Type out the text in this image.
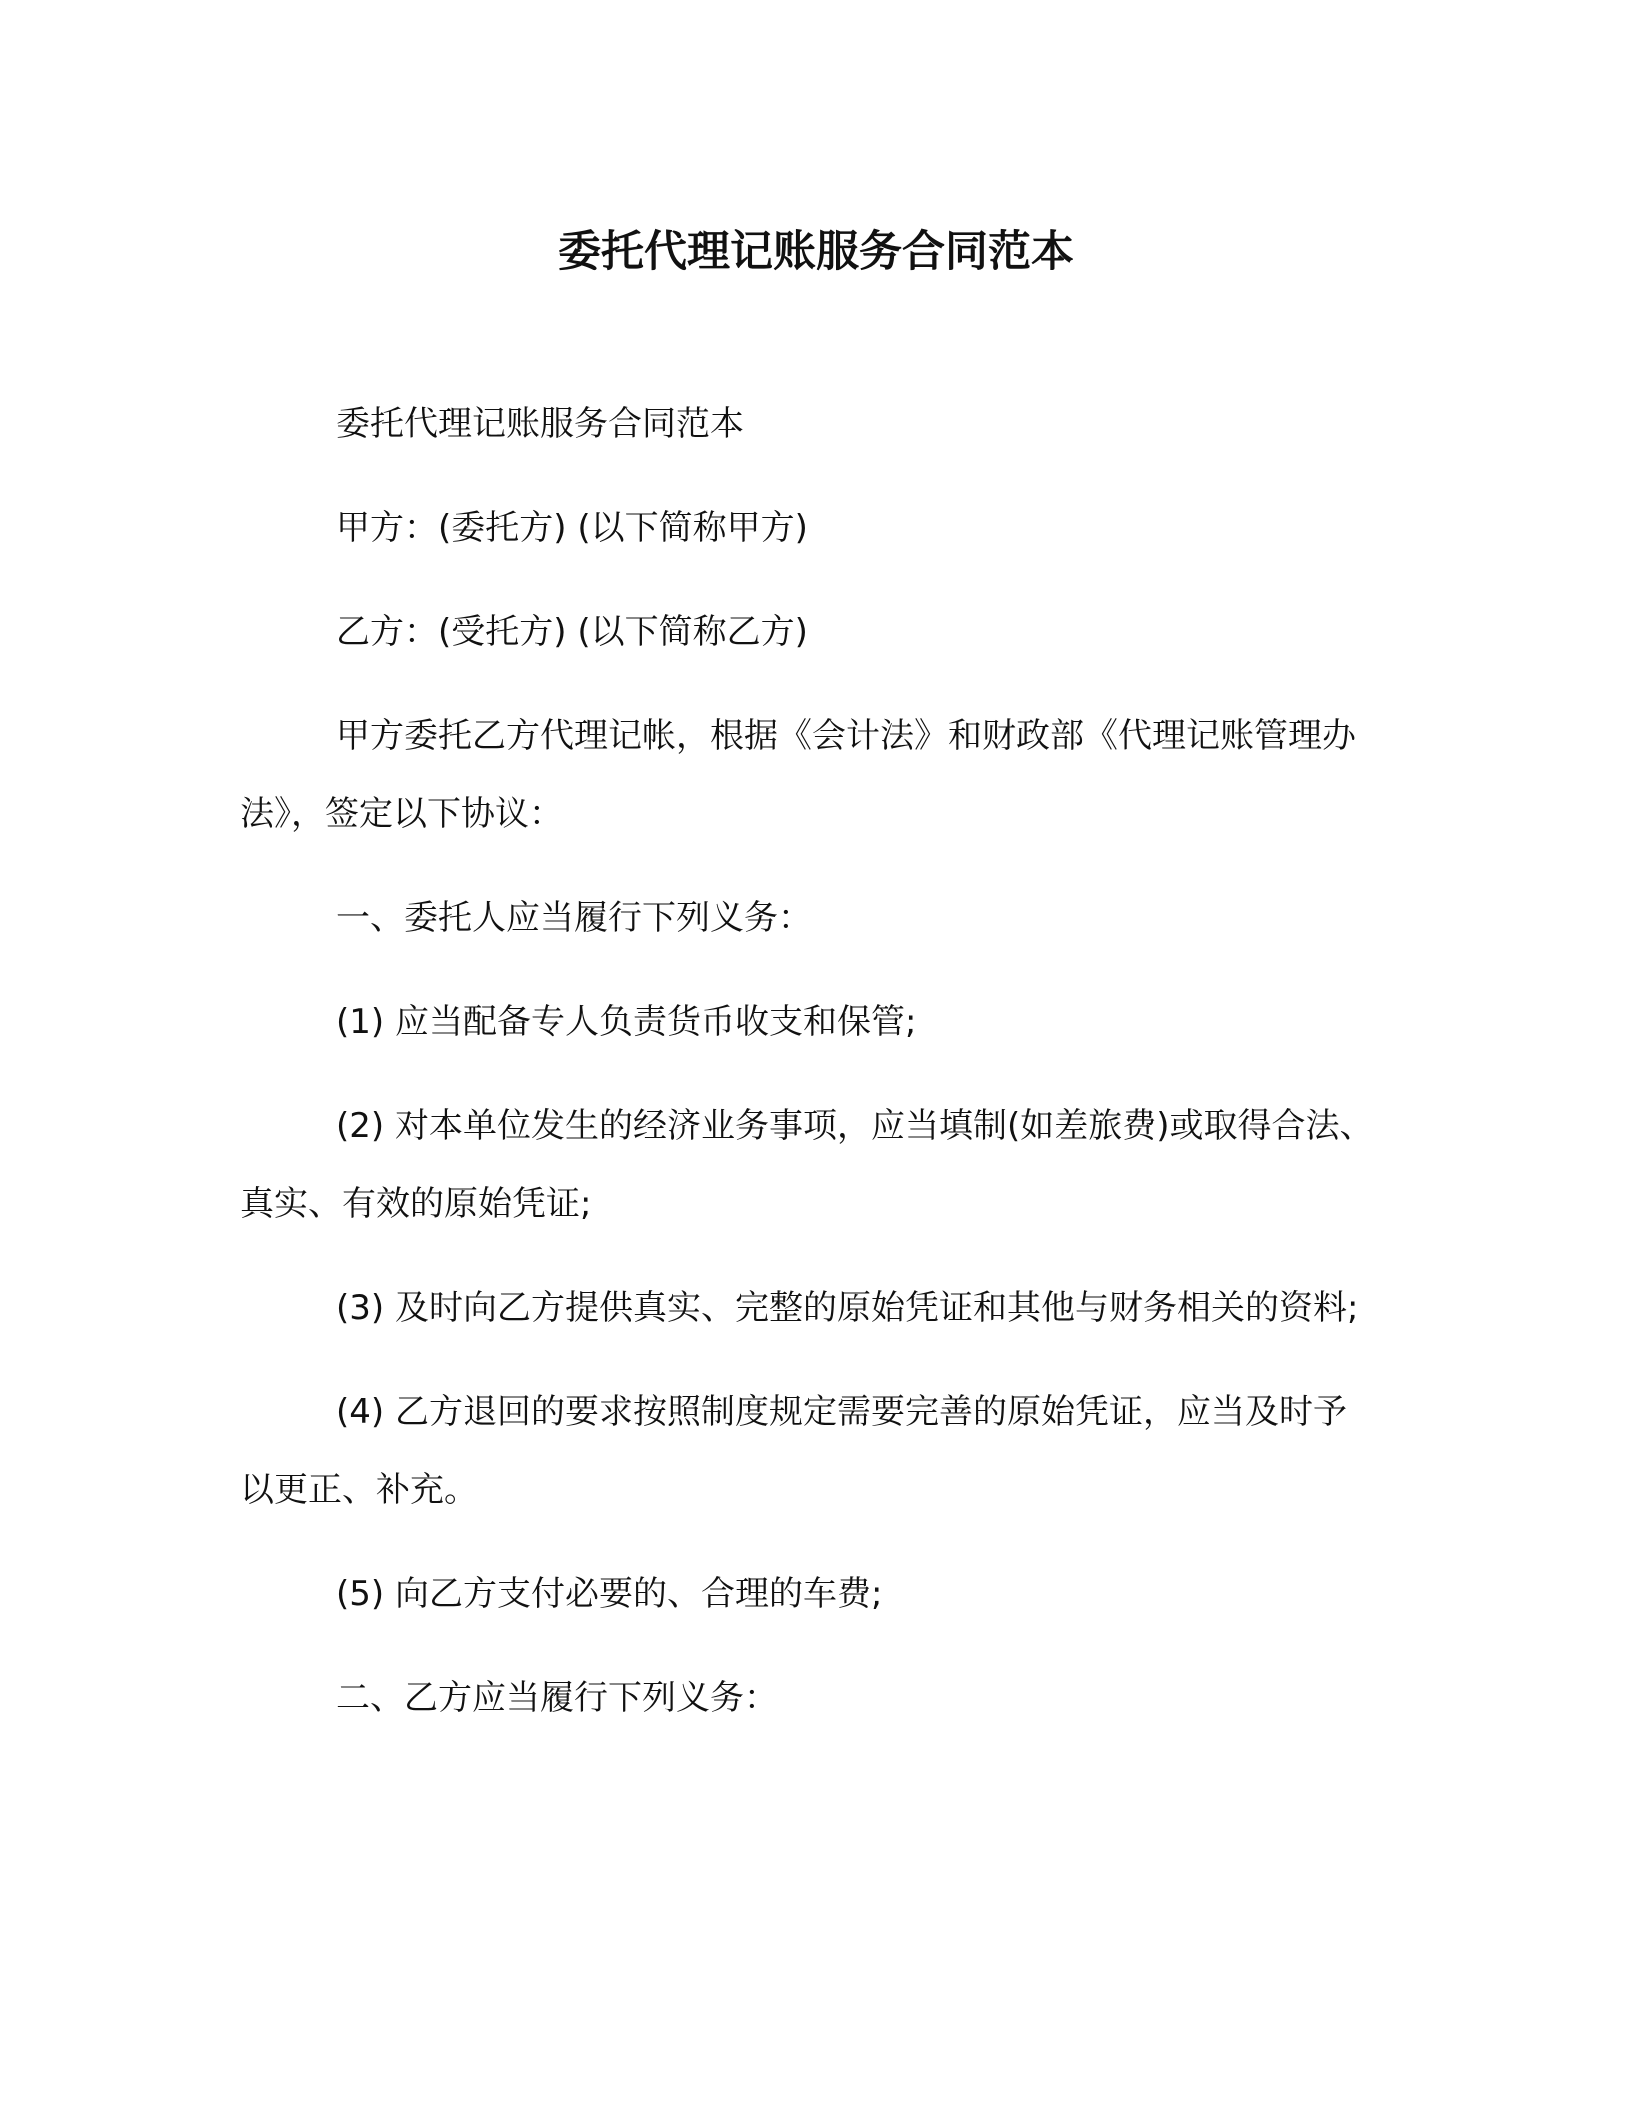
委托代理记账服务合同范本

委托代理记账服务合同范本

甲方：(委托方) (以下简称甲方)

乙方：(受托方) (以下简称乙方)

甲方委托乙方代理记帐，根据《会计法》和财政部《代理记账管理办法》，签定以下协议：

一、委托人应当履行下列义务：

(1) 应当配备专人负责货币收支和保管;

(2) 对本单位发生的经济业务事项，应当填制(如差旅费)或取得合法、真实、有效的原始凭证;

(3) 及时向乙方提供真实、完整的原始凭证和其他与财务相关的资料;

(4) 乙方退回的要求按照制度规定需要完善的原始凭证，应当及时予以更正、补充。

(5) 向乙方支付必要的、合理的车费;

二、乙方应当履行下列义务：
